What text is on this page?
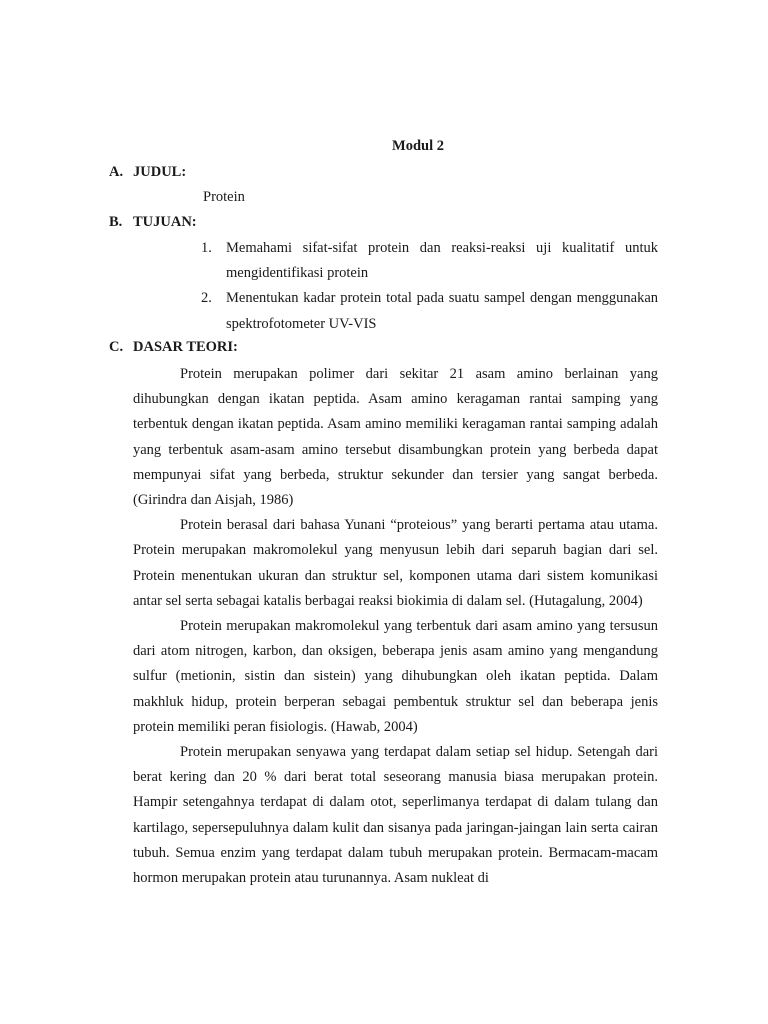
Modul 2
A. JUDUL:
Protein
B. TUJUAN:
1. Memahami sifat-sifat protein dan reaksi-reaksi uji kualitatif untuk mengidentifikasi protein
2. Menentukan kadar protein total pada suatu sampel dengan menggunakan spektrofotometer UV-VIS
C. DASAR TEORI:

Protein merupakan polimer dari sekitar 21 asam amino berlainan yang dihubungkan dengan ikatan peptida. Asam amino keragaman rantai samping yang terbentuk dengan ikatan peptida. Asam amino memiliki keragaman rantai samping adalah yang terbentuk asam-asam amino tersebut disambungkan protein yang berbeda dapat mempunyai sifat yang berbeda, struktur sekunder dan tersier yang sangat berbeda. (Girindra dan Aisjah, 1986)

Protein berasal dari bahasa Yunani “proteious” yang berarti pertama atau utama. Protein merupakan makromolekul yang menyusun lebih dari separuh bagian dari sel. Protein menentukan ukuran dan struktur sel, komponen utama dari sistem komunikasi antar sel serta sebagai katalis berbagai reaksi biokimia di dalam sel. (Hutagalung, 2004)

Protein merupakan makromolekul yang terbentuk dari asam amino yang tersusun dari atom nitrogen, karbon, dan oksigen, beberapa jenis asam amino yang mengandung sulfur (metionin, sistin dan sistein) yang dihubungkan oleh ikatan peptida. Dalam makhluk hidup, protein berperan sebagai pembentuk struktur sel dan beberapa jenis protein memiliki peran fisiologis. (Hawab, 2004)

Protein merupakan senyawa yang terdapat dalam setiap sel hidup. Setengah dari berat kering dan 20 % dari berat total seseorang manusia biasa merupakan protein. Hampir setengahnya terdapat di dalam otot, seperlimanya terdapat di dalam tulang dan kartilago, sepersepuluhnya dalam kulit dan sisanya pada jaringan-jaingan lain serta cairan tubuh. Semua enzim yang terdapat dalam tubuh merupakan protein. Bermacam-macam hormon merupakan protein atau turunannya. Asam nukleat di
